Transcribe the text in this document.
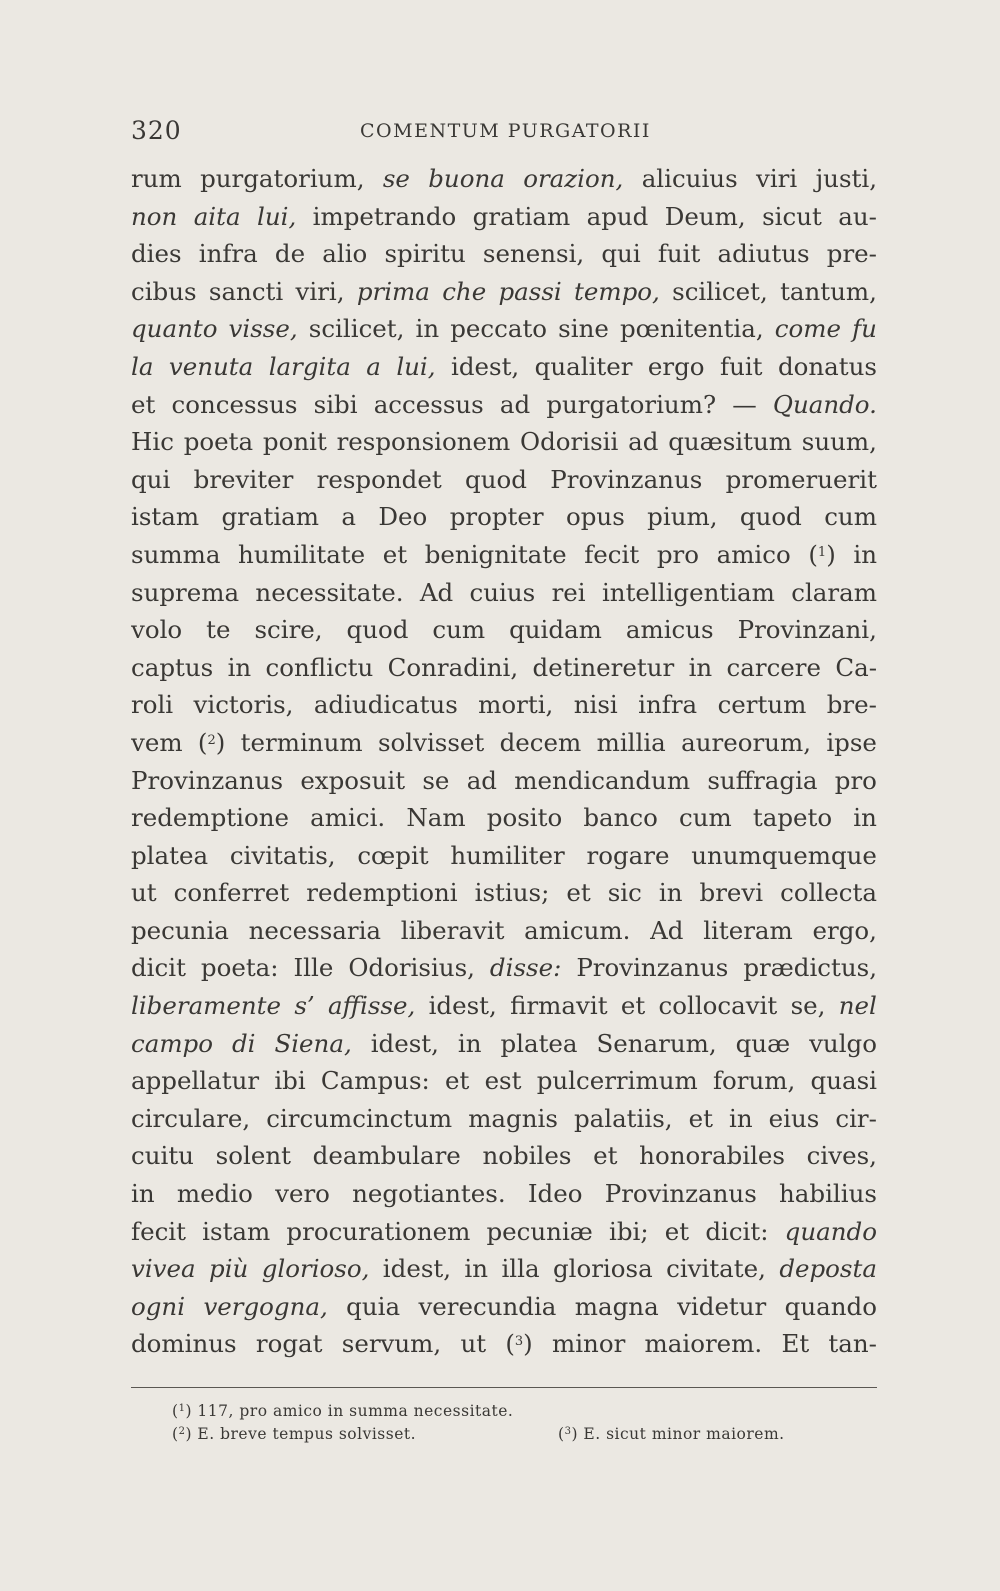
320	COMENTUM PURGATORII
rum purgatorium, se buona orazion, alicuius viri justi,
non aita lui, impetrando gratiam apud Deum, sicut au-
dies infra de alio spiritu senensi, qui fuit adiutus pre-
cibus sancti viri, prima che passi tempo, scilicet, tantum,
quanto visse, scilicet, in peccato sine pœnitentia, come fu
la venuta largita a lui, idest, qualiter ergo fuit donatus
et concessus sibi accessus ad purgatorium? — Quando.
Hic poeta ponit responsionem Odorisii ad quæsitum suum,
qui breviter respondet quod Provinzanus promeruerit
istam gratiam a Deo propter opus pium, quod cum
summa humilitate et benignitate fecit pro amico ($^1$) in
suprema necessitate. Ad cuius rei intelligentiam claram
volo te scire, quod cum quidam amicus Provinzani,
captus in conflictu Conradini, detineretur in carcere Ca-
roli victoris, adiudicatus morti, nisi infra certum bre-
vem ($^2$) terminum solvisset decem millia aureorum, ipse
Provinzanus exposuit se ad mendicandum suffragia pro
redemptione amici. Nam posito banco cum tapeto in
platea civitatis, cœpit humiliter rogare unumquemque
ut conferret redemptioni istius; et sic in brevi collecta
pecunia necessaria liberavit amicum. Ad literam ergo,
dicit poeta: Ille Odorisius, disse: Provinzanus prædictus,
liberamente s’ affisse, idest, firmavit et collocavit se, nel
campo di Siena, idest, in platea Senarum, quæ vulgo
appellatur ibi Campus: et est pulcerrimum forum, quasi
circulare, circumcinctum magnis palatiis, et in eius cir-
cuitu solent deambulare nobiles et honorabiles cives,
in medio vero negotiantes. Ideo Provinzanus habilius
fecit istam procurationem pecuniæ ibi; et dicit: quando
vivea più glorioso, idest, in illa gloriosa civitate, deposta
ogni vergogna, quia verecundia magna videtur quando
dominus rogat servum, ut ($^3$) minor maiorem. Et tan-
($^1$) 117, pro amico in summa necessitate.
($^2$) E. breve tempus solvisset.	($^3$) E. sicut minor maiorem.
